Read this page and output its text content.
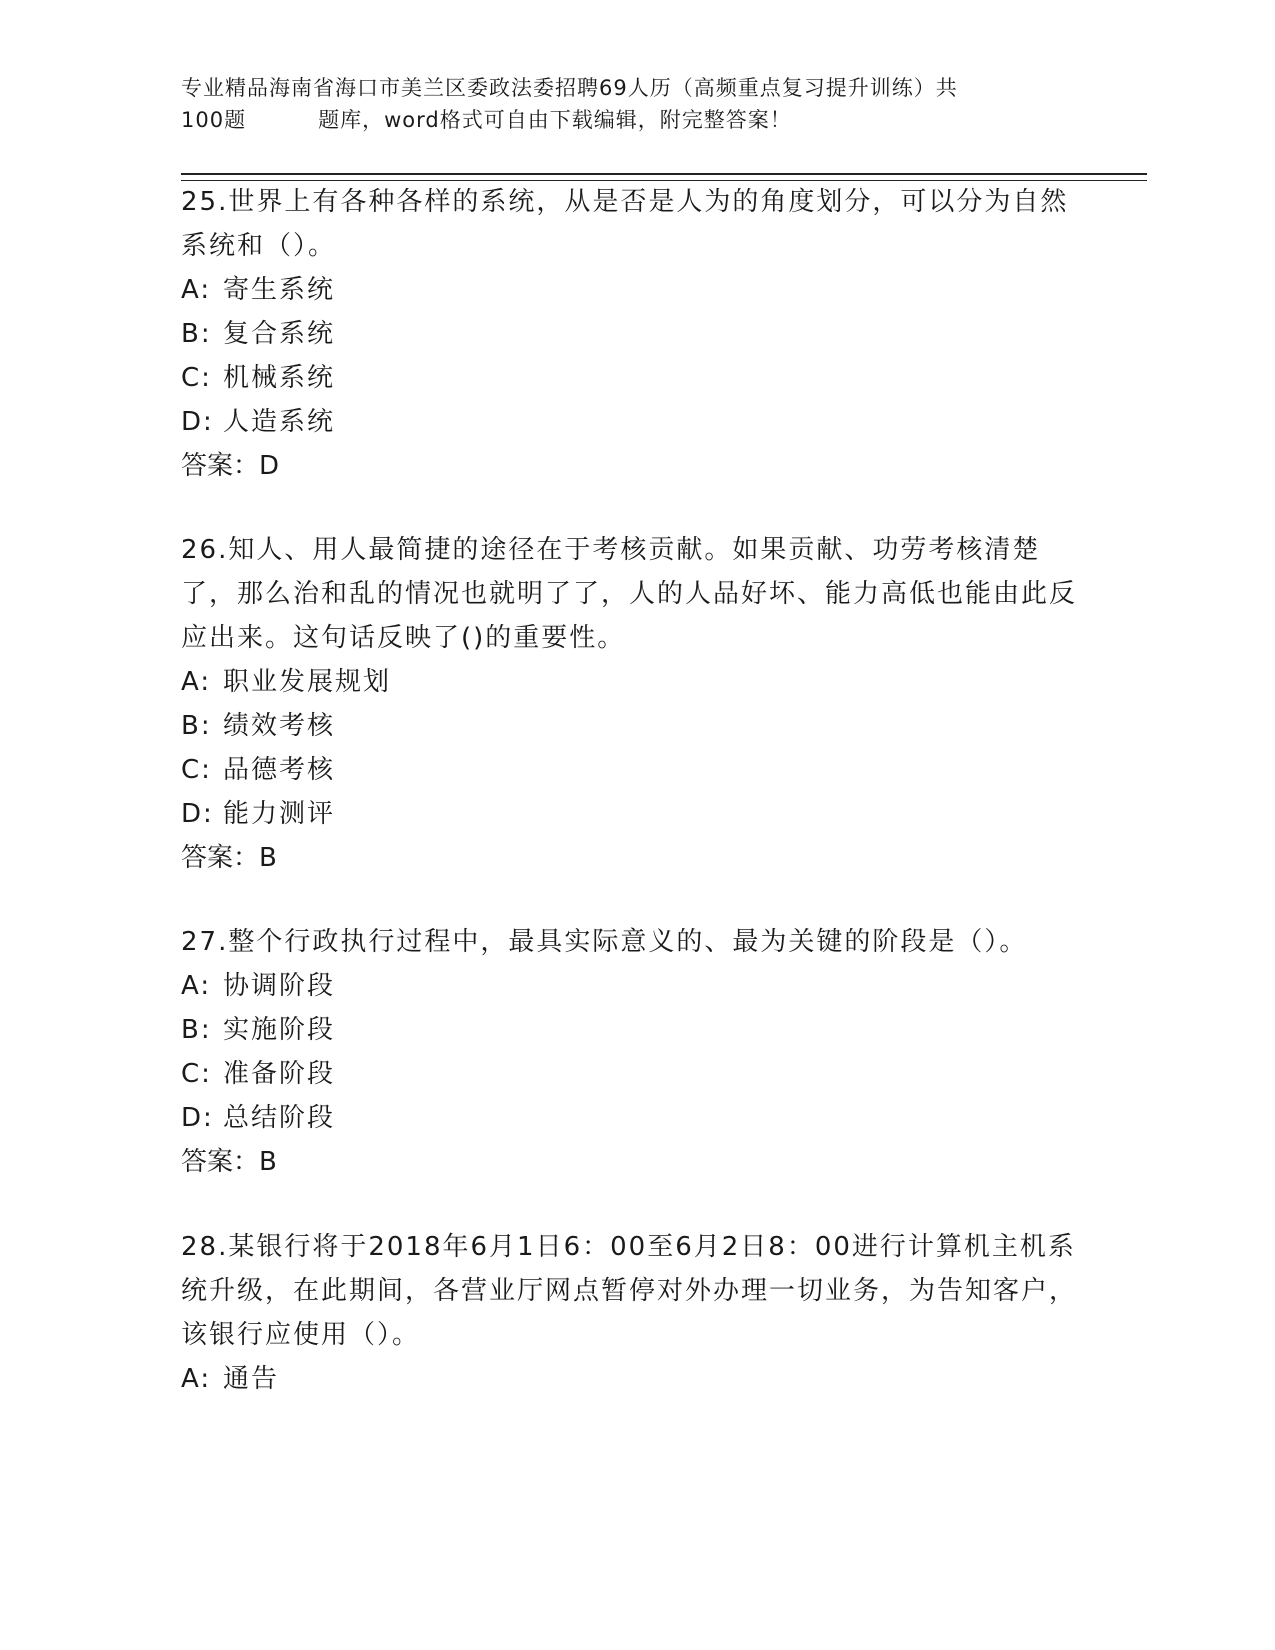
专业精品海南省海口市美兰区委政法委招聘69人历（高频重点复习提升训练）共
100题	题库，word格式可自由下载编辑，附完整答案！
25.世界上有各种各样的系统，从是否是人为的角度划分，可以分为自然系统和（）。
A: 寄生系统
B: 复合系统
C: 机械系统
D: 人造系统
答案：D
26.知人、用人最简捷的途径在于考核贡献。如果贡献、功劳考核清楚了，那么治和乱的情况也就明了了，人的人品好坏、能力高低也能由此反应出来。这句话反映了()的重要性。
A: 职业发展规划
B: 绩效考核
C: 品德考核
D: 能力测评
答案：B
27.整个行政执行过程中，最具实际意义的、最为关键的阶段是（）。
A: 协调阶段
B: 实施阶段
C: 准备阶段
D: 总结阶段
答案：B
28.某银行将于2018年6月1日6：00至6月2日8：00进行计算机主机系统升级，在此期间，各营业厅网点暂停对外办理一切业务，为告知客户，该银行应使用（）。
A: 通告
